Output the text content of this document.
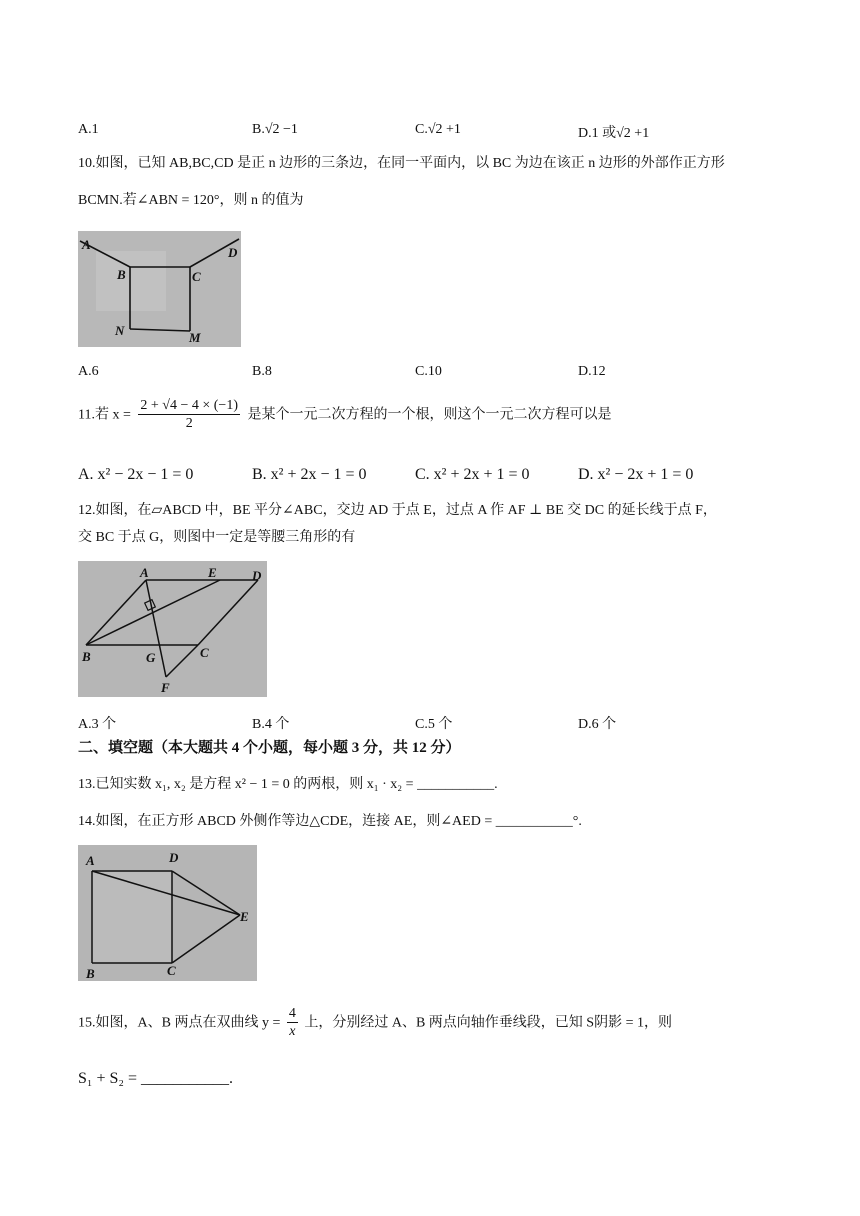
A.1	B.√2 −1	C.√2 +1	D.1 或√2 +1
10.如图，已知 AB,BC,CD 是正 n 边形的三条边，在同一平面内，以 BC 为边在该正 n 边形的外部作正方形
BCMN.若∠ABN = 120°，则 n 的值为
A
B	C
D
N	M
A.6	B.8	C.10	D.12
11.若 $x = \frac{2 + √4 - 4 \times (-1)}{2}$ 是某个一元二次方程的一个根，则这个一元二次方程可以是
A. x² − 2x − 1 = 0	B. x² + 2x − 1 = 0	C. x² + 2x + 1 = 0	D. x² − 2x + 1 = 0
12.如图，在▱ABCD 中，BE 平分∠ABC，交边 AD 于点 E，过点 A 作 AF ⊥ BE 交 DC 的延长线于点 F，
交 BC 于点 G，则图中一定是等腰三角形的有
A	E	D
B	G	C
F
A.3 个	B.4 个	C.5 个	D.6 个
二、填空题（本大题共 4 个小题，每小题 3 分，共 12 分）
13.已知实数 x₁, x₂ 是方程 x² − 1 = 0 的两根，则 x₁ · x₂ = ___________.
14.如图，在正方形 ABCD 外侧作等边△CDE，连接 AE，则∠AED = ___________°.
A	D
E
B	C
15.如图，A、B 两点在双曲线 $y = \frac{4}{x}$ 上，分别经过 A、B 两点向轴作垂线段，已知 S阴影 = 1，则
S₁ + S₂ = ___________.
